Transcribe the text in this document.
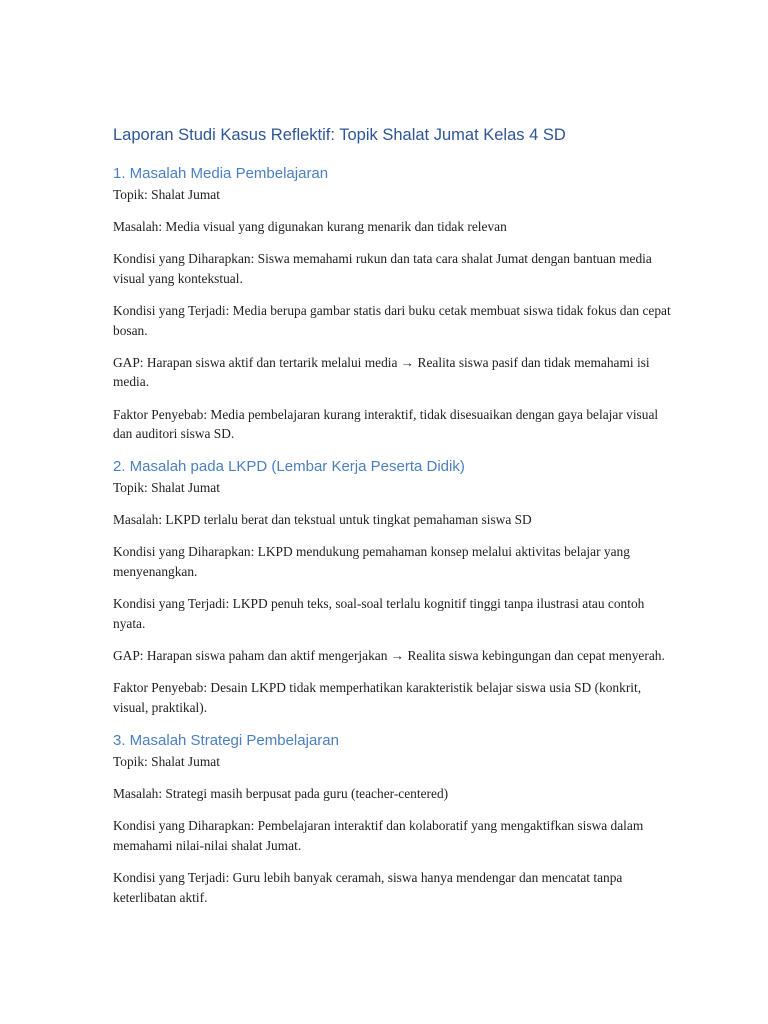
Laporan Studi Kasus Reflektif: Topik Shalat Jumat Kelas 4 SD
1. Masalah Media Pembelajaran

Topik: Shalat Jumat

Masalah: Media visual yang digunakan kurang menarik dan tidak relevan

Kondisi yang Diharapkan: Siswa memahami rukun dan tata cara shalat Jumat dengan bantuan media visual yang kontekstual.

Kondisi yang Terjadi: Media berupa gambar statis dari buku cetak membuat siswa tidak fokus dan cepat bosan.

GAP: Harapan siswa aktif dan tertarik melalui media → Realita siswa pasif dan tidak memahami isi media.

Faktor Penyebab: Media pembelajaran kurang interaktif, tidak disesuaikan dengan gaya belajar visual dan auditori siswa SD.

2. Masalah pada LKPD (Lembar Kerja Peserta Didik)

Topik: Shalat Jumat

Masalah: LKPD terlalu berat dan tekstual untuk tingkat pemahaman siswa SD

Kondisi yang Diharapkan: LKPD mendukung pemahaman konsep melalui aktivitas belajar yang menyenangkan.

Kondisi yang Terjadi: LKPD penuh teks, soal-soal terlalu kognitif tinggi tanpa ilustrasi atau contoh nyata.

GAP: Harapan siswa paham dan aktif mengerjakan → Realita siswa kebingungan dan cepat menyerah.

Faktor Penyebab: Desain LKPD tidak memperhatikan karakteristik belajar siswa usia SD (konkrit, visual, praktikal).

3. Masalah Strategi Pembelajaran

Topik: Shalat Jumat

Masalah: Strategi masih berpusat pada guru (teacher-centered)

Kondisi yang Diharapkan: Pembelajaran interaktif dan kolaboratif yang mengaktifkan siswa dalam memahami nilai-nilai shalat Jumat.

Kondisi yang Terjadi: Guru lebih banyak ceramah, siswa hanya mendengar dan mencatat tanpa keterlibatan aktif.
